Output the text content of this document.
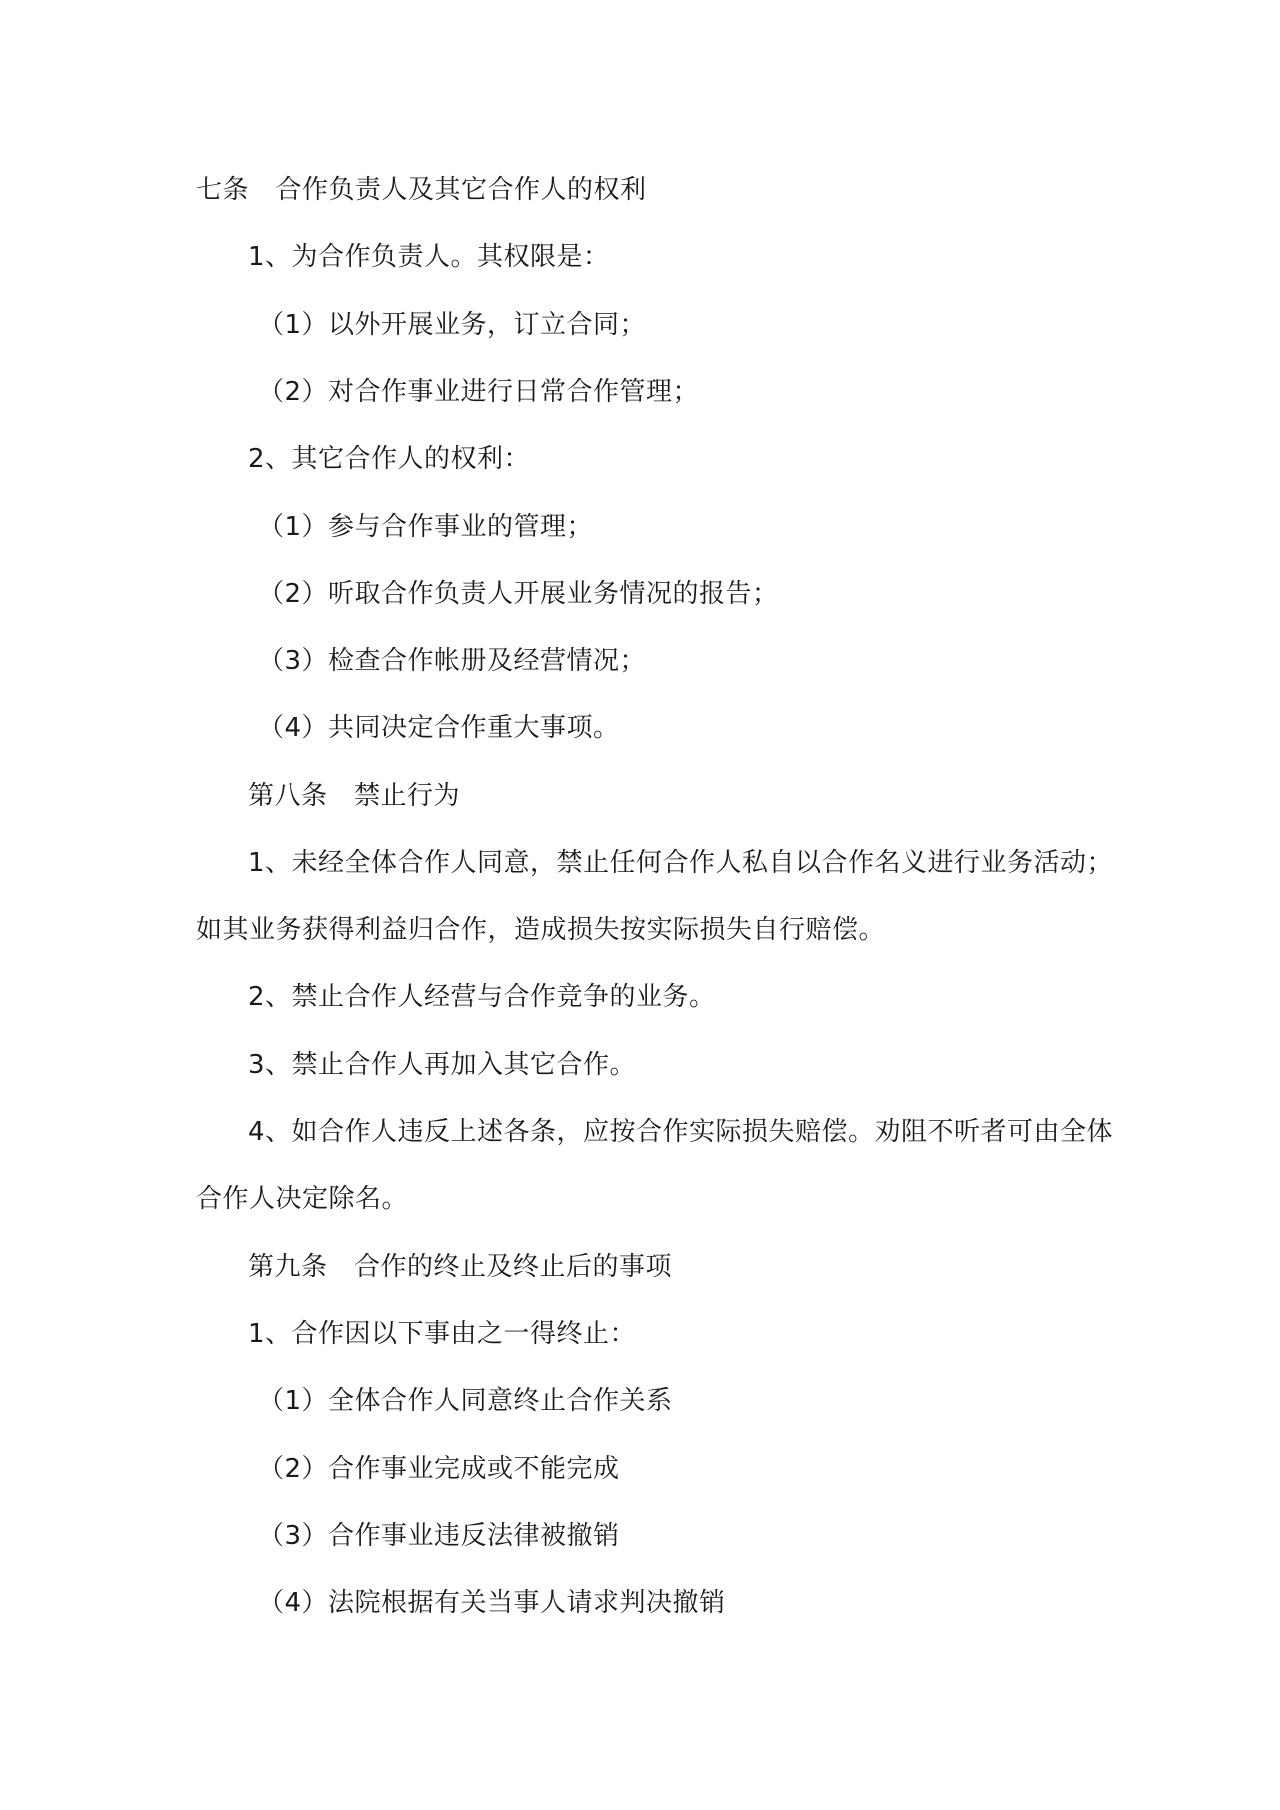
七条　合作负责人及其它合作人的权利
1、为合作负责人。其权限是：
（1）以外开展业务，订立合同；
（2）对合作事业进行日常合作管理；
2、其它合作人的权利：
（1）参与合作事业的管理；
（2）听取合作负责人开展业务情况的报告；
（3）检查合作帐册及经营情况；
（4）共同决定合作重大事项。
第八条　禁止行为
1、未经全体合作人同意，禁止任何合作人私自以合作名义进行业务活动；
如其业务获得利益归合作，造成损失按实际损失自行赔偿。
2、禁止合作人经营与合作竞争的业务。
3、禁止合作人再加入其它合作。
4、如合作人违反上述各条，应按合作实际损失赔偿。劝阻不听者可由全体
合作人决定除名。
第九条　合作的终止及终止后的事项
1、合作因以下事由之一得终止：
（1）全体合作人同意终止合作关系
（2）合作事业完成或不能完成
（3）合作事业违反法律被撤销
（4）法院根据有关当事人请求判决撤销
